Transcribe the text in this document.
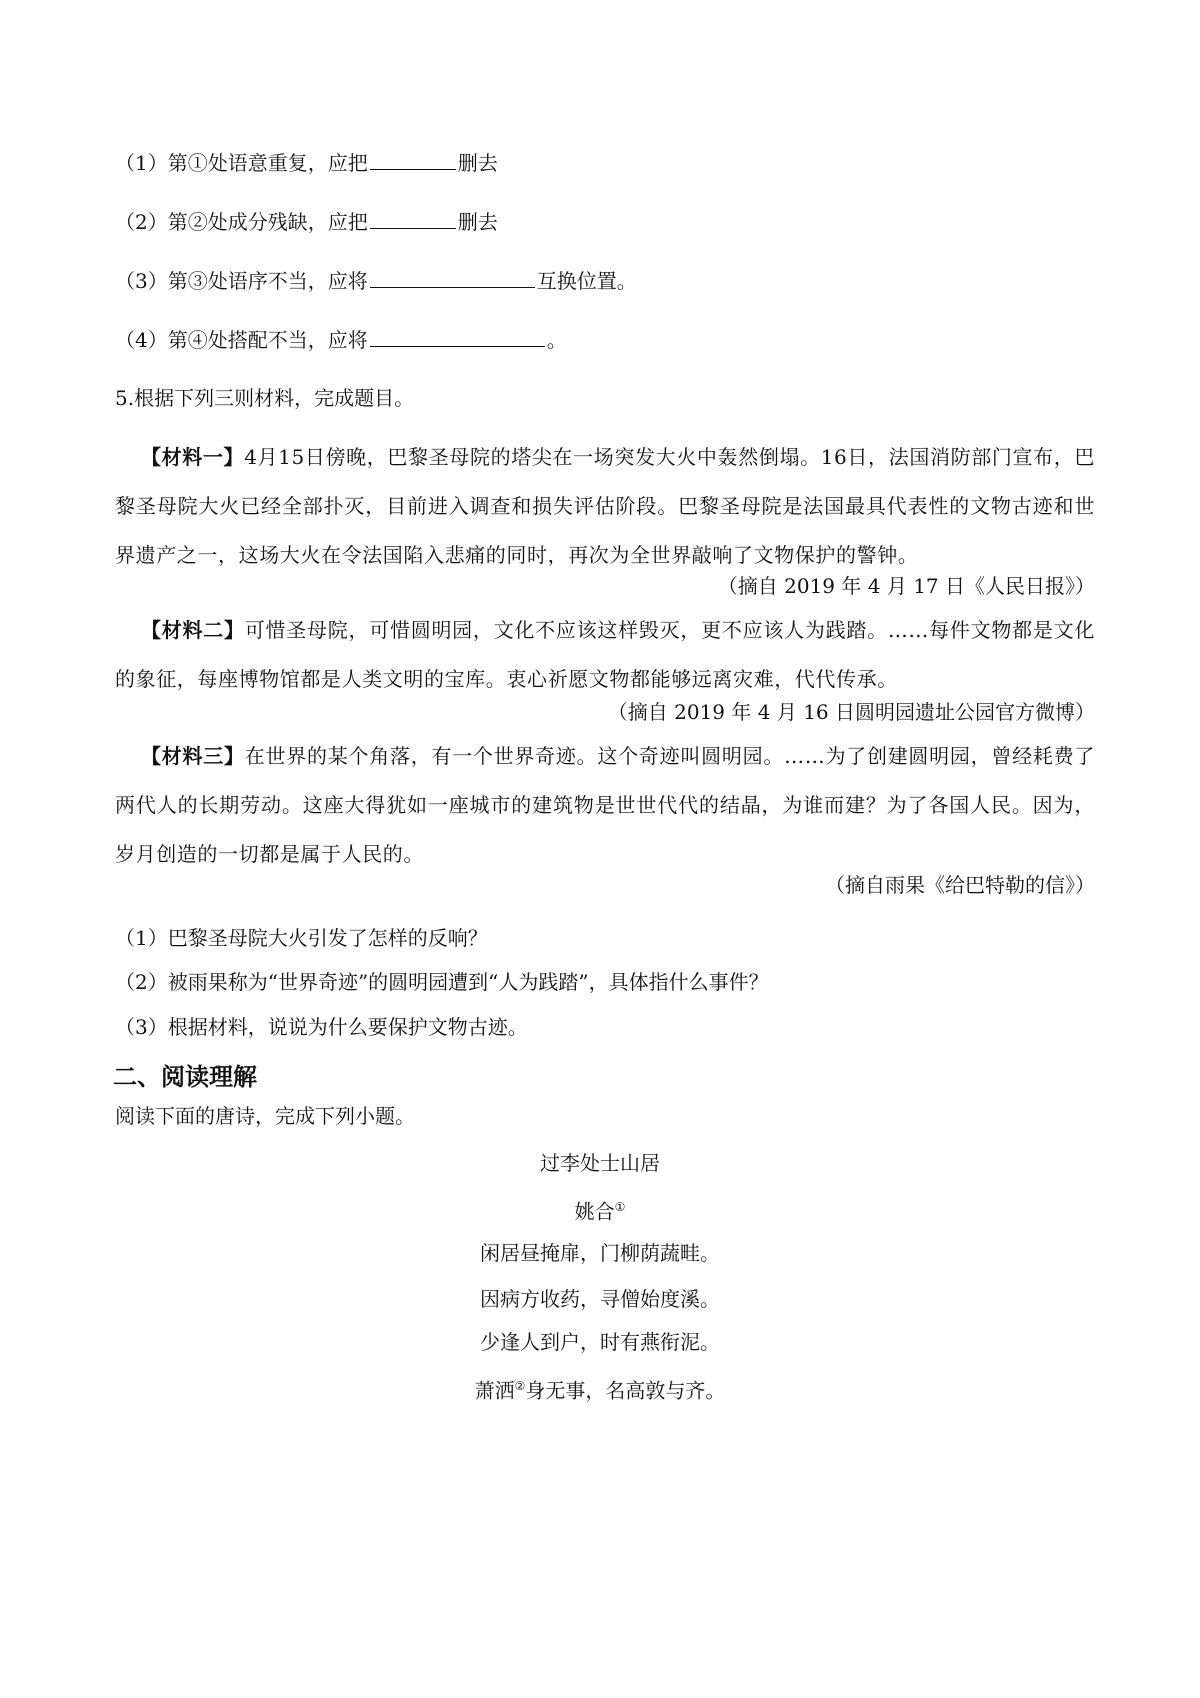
（1）第①处语意重复，应把	删去
（2）第②处成分残缺，应把	删去
（3）第③处语序不当，应将	互换位置。
（4）第④处搭配不当，应将	。
5.根据下列三则材料，完成题目。
【材料一】4月15日傍晚，巴黎圣母院的塔尖在一场突发大火中轰然倒塌。16日，法国消防部门宣布，巴黎圣母院大火已经全部扑灭，目前进入调查和损失评估阶段。巴黎圣母院是法国最具代表性的文物古迹和世界遗产之一，这场大火在令法国陷入悲痛的同时，再次为全世界敲响了文物保护的警钟。
（摘自 2019 年 4 月 17 日《人民日报》）
【材料二】可惜圣母院，可惜圆明园，文化不应该这样毁灭，更不应该人为践踏。……每件文物都是文化的象征，每座博物馆都是人类文明的宝库。衷心祈愿文物都能够远离灾难，代代传承。
（摘自 2019 年 4 月 16 日圆明园遗址公园官方微博）
【材料三】在世界的某个角落，有一个世界奇迹。这个奇迹叫圆明园。……为了创建圆明园，曾经耗费了两代人的长期劳动。这座大得犹如一座城市的建筑物是世世代代的结晶，为谁而建？为了各国人民。因为，岁月创造的一切都是属于人民的。
（摘自雨果《给巴特勒的信》）
（1）巴黎圣母院大火引发了怎样的反响？
（2）被雨果称为“世界奇迹”的圆明园遭到“人为践踏”，具体指什么事件？
（3）根据材料，说说为什么要保护文物古迹。
二、阅读理解
阅读下面的唐诗，完成下列小题。
过李处士山居
姚合①
闲居昼掩扉，门柳荫蔬畦。
因病方收药，寻僧始度溪。
少逢人到户，时有燕衔泥。
萧洒②身无事，名高敦与齐。
